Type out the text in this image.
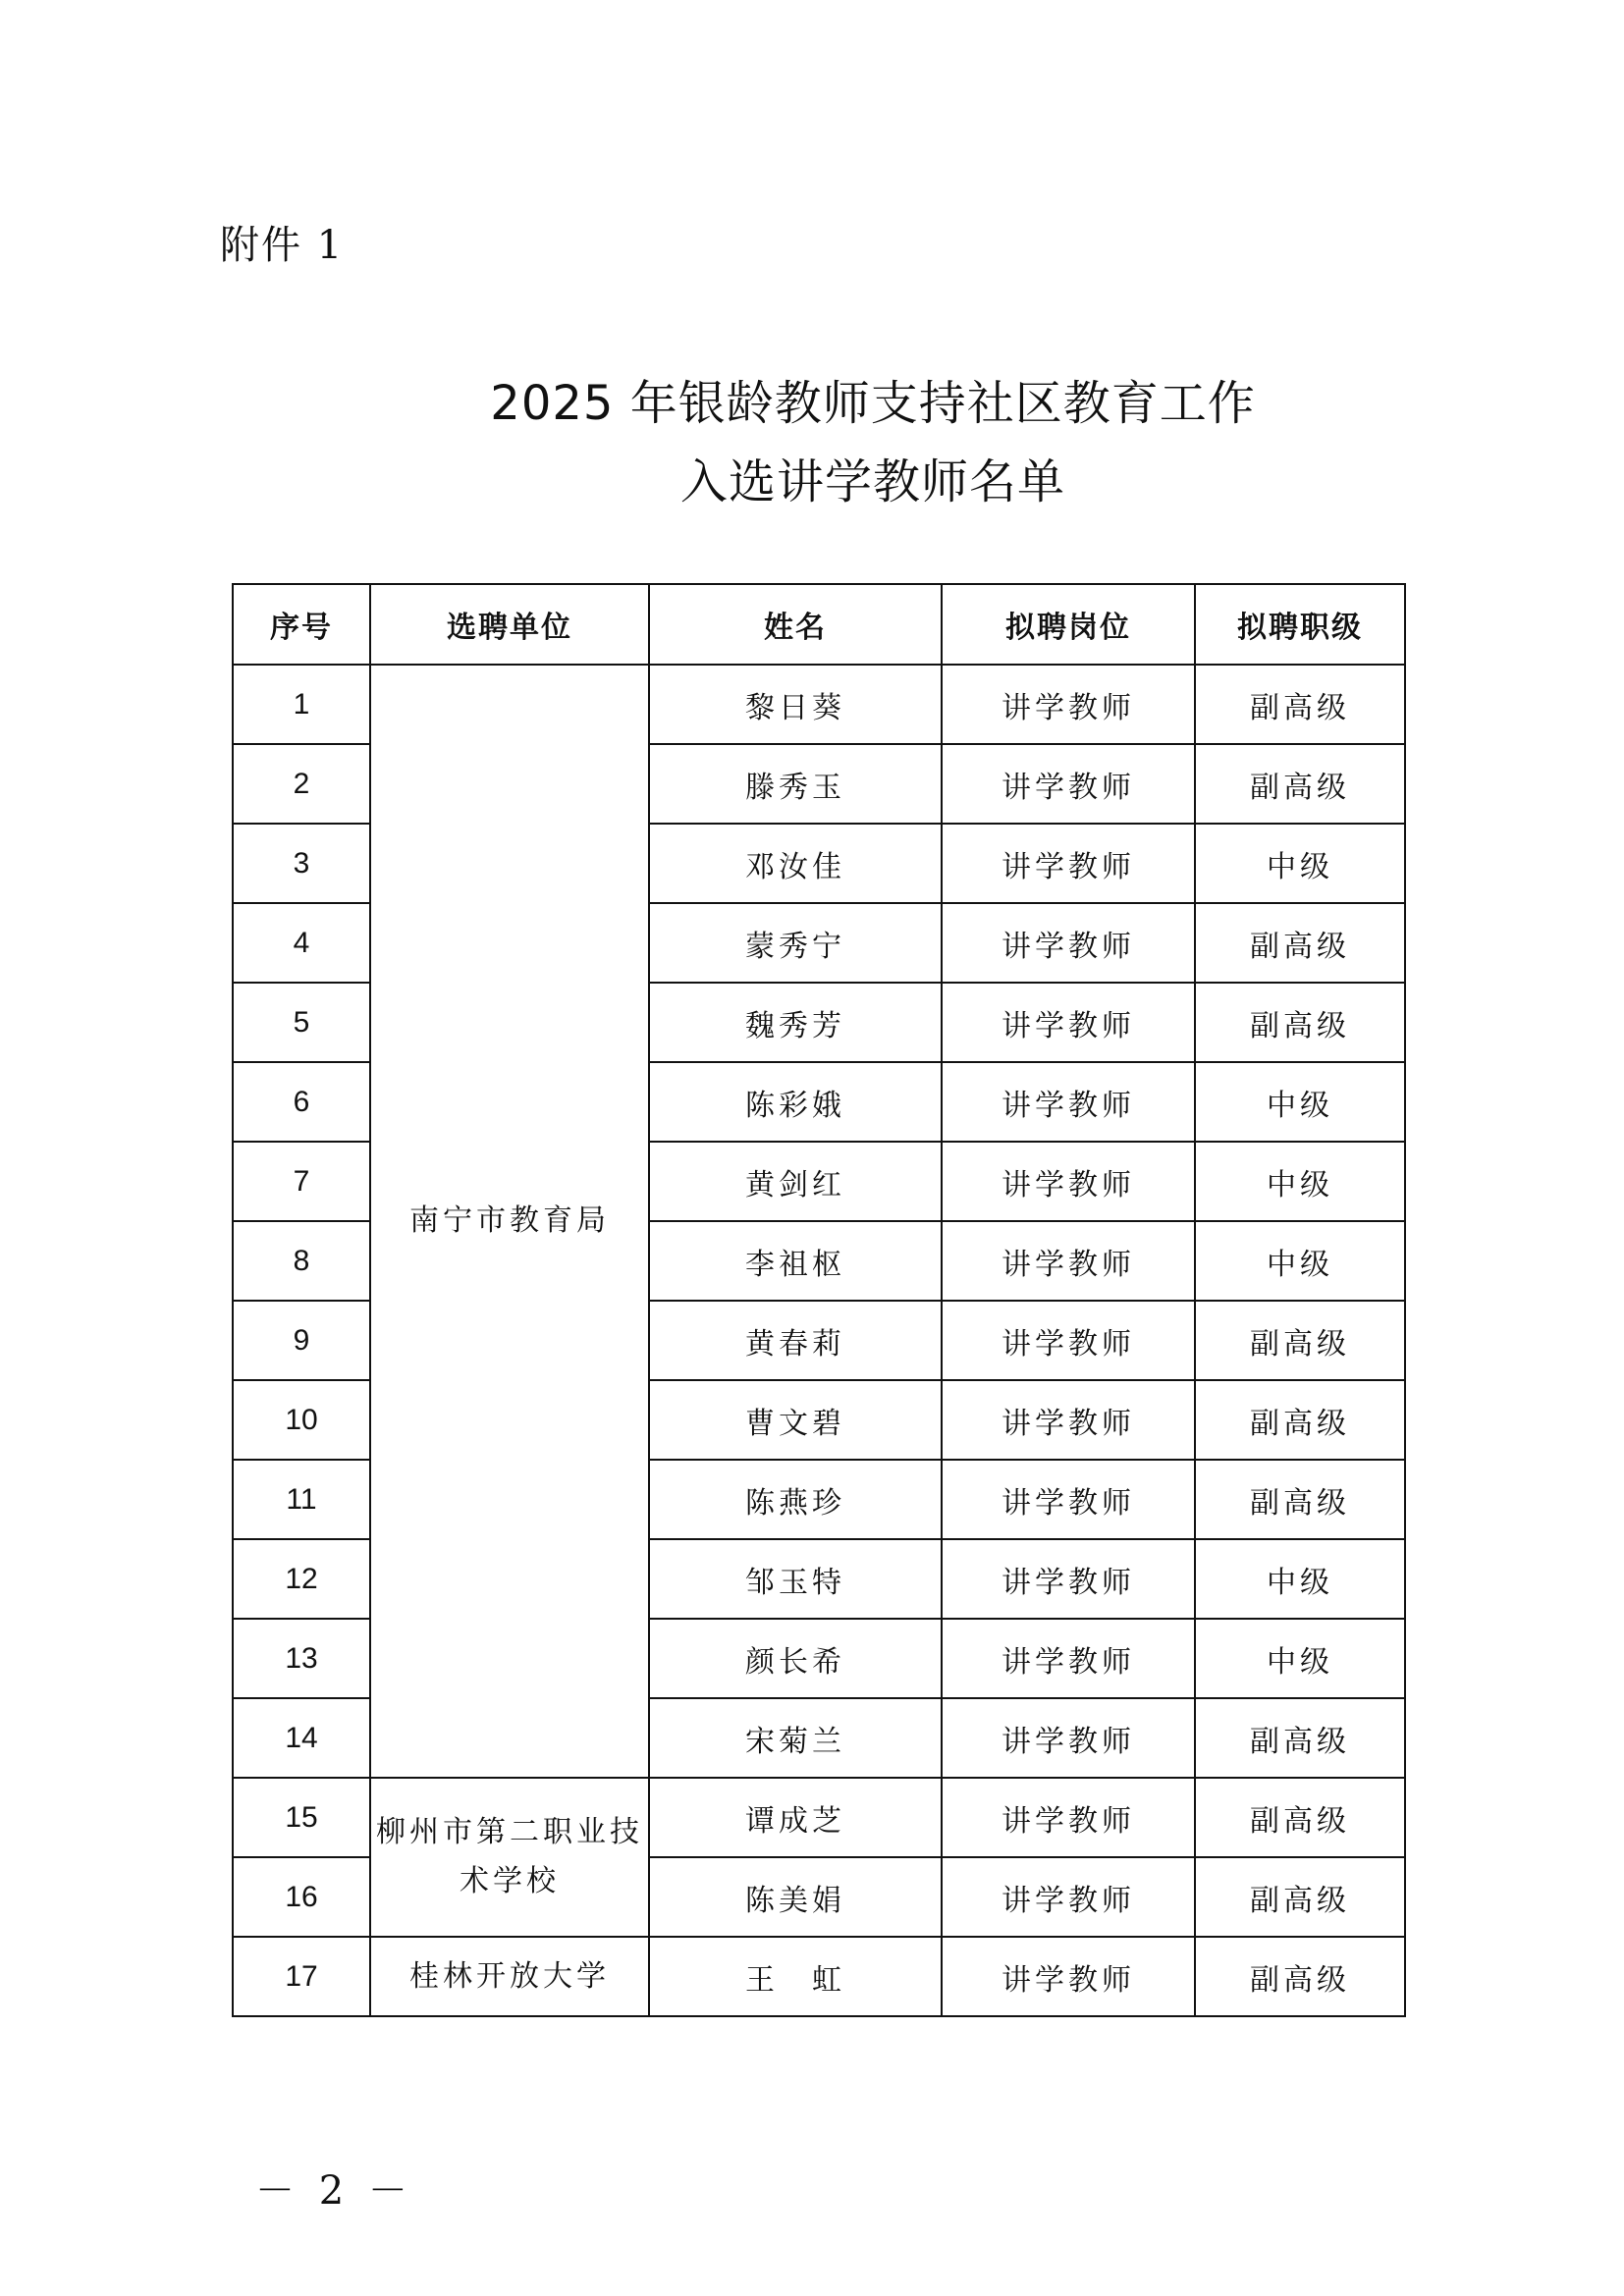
附件 1
2025 年银龄教师支持社区教育工作
入选讲学教师名单
序号	选聘单位	姓名	拟聘岗位	拟聘职级
1	南宁市教育局	黎日葵	讲学教师	副高级
2		滕秀玉	讲学教师	副高级
3		邓汝佳	讲学教师	中级
4		蒙秀宁	讲学教师	副高级
5		魏秀芳	讲学教师	副高级
6		陈彩娥	讲学教师	中级
7		黄剑红	讲学教师	中级
8		李祖枢	讲学教师	中级
9		黄春莉	讲学教师	副高级
10		曹文碧	讲学教师	副高级
11		陈燕珍	讲学教师	副高级
12		邹玉特	讲学教师	中级
13		颜长希	讲学教师	中级
14		宋菊兰	讲学教师	副高级
15	柳州市第二职业技术学校	谭成芝	讲学教师	副高级
16		陈美娟	讲学教师	副高级
17	桂林开放大学	王　虹	讲学教师	副高级
－ 2 －
